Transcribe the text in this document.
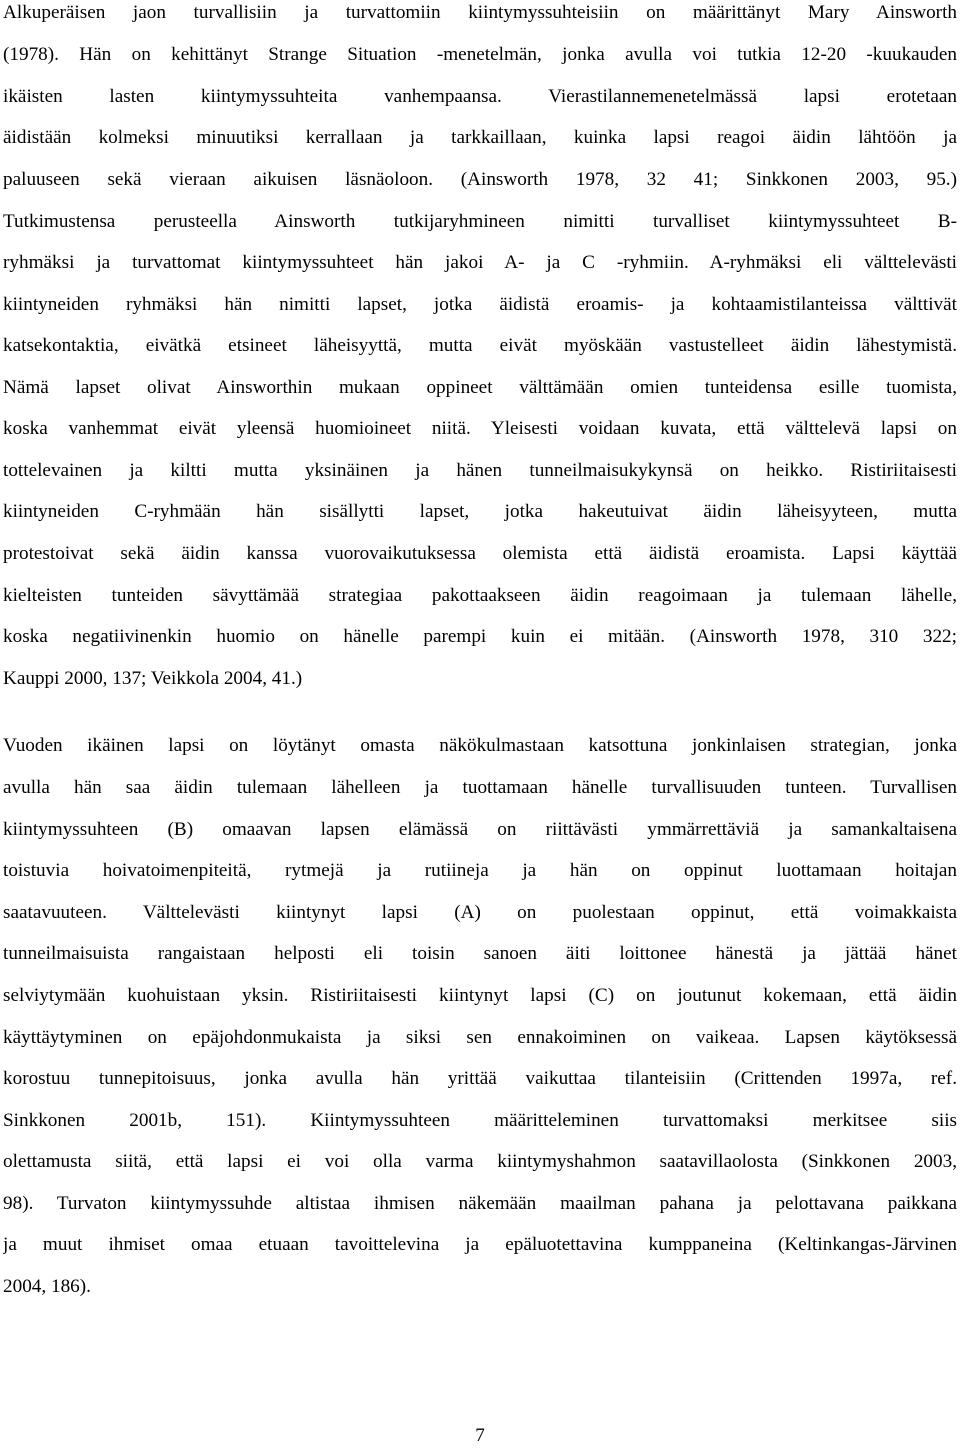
Alkuperäisen jaon turvallisiin ja turvattomiin kiintymyssuhteisiin on määrittänyt Mary Ainsworth
(1978). Hän on kehittänyt Strange Situation -menetelmän, jonka avulla voi tutkia 12-20 -kuukauden
ikäisten lasten kiintymyssuhteita vanhempaansa. Vierastilannemenetelmässä lapsi erotetaan
äidistään kolmeksi minuutiksi kerrallaan ja tarkkaillaan, kuinka lapsi reagoi äidin lähtöön ja
paluuseen sekä vieraan aikuisen läsnäoloon. (Ainsworth 1978, 32 41; Sinkkonen 2003, 95.)
Tutkimustensa perusteella Ainsworth tutkijaryhmineen nimitti turvalliset kiintymyssuhteet B-
ryhmäksi ja turvattomat kiintymyssuhteet hän jakoi A- ja C -ryhmiin. A-ryhmäksi eli välttelevästi
kiintyneiden ryhmäksi hän nimitti lapset, jotka äidistä eroamis- ja kohtaamistilanteissa välttivät
katsekontaktia, eivätkä etsineet läheisyyttä, mutta eivät myöskään vastustelleet äidin lähestymistä.
Nämä lapset olivat Ainsworthin mukaan oppineet välttämään omien tunteidensa esille tuomista,
koska vanhemmat eivät yleensä huomioineet niitä. Yleisesti voidaan kuvata, että välttelevä lapsi on
tottelevainen ja kiltti mutta yksinäinen ja hänen tunneilmaisukykynsä on heikko. Ristiriitaisesti
kiintyneiden C-ryhmään hän sisällytti lapset, jotka hakeutuivat äidin läheisyyteen, mutta
protestoivat sekä äidin kanssa vuorovaikutuksessa olemista että äidistä eroamista. Lapsi käyttää
kielteisten tunteiden sävyttämää strategiaa pakottaakseen äidin reagoimaan ja tulemaan lähelle,
koska negatiivinenkin huomio on hänelle parempi kuin ei mitään. (Ainsworth 1978, 310 322;
Kauppi 2000, 137; Veikkola 2004, 41.)
Vuoden ikäinen lapsi on löytänyt omasta näkökulmastaan katsottuna jonkinlaisen strategian, jonka
avulla hän saa äidin tulemaan lähelleen ja tuottamaan hänelle turvallisuuden tunteen. Turvallisen
kiintymyssuhteen (B) omaavan lapsen elämässä on riittävästi ymmärrettäviä ja samankaltaisena
toistuvia hoivatoimenpiteitä, rytmejä ja rutiineja ja hän on oppinut luottamaan hoitajan
saatavuuteen. Välttelevästi kiintynyt lapsi (A) on puolestaan oppinut, että voimakkaista
tunneilmaisuista rangaistaan helposti eli toisin sanoen äiti loittonee hänestä ja jättää hänet
selviytymään kuohuistaan yksin. Ristiriitaisesti kiintynyt lapsi (C) on joutunut kokemaan, että äidin
käyttäytyminen on epäjohdonmukaista ja siksi sen ennakoiminen on vaikeaa. Lapsen käytöksessä
korostuu tunnepitoisuus, jonka avulla hän yrittää vaikuttaa tilanteisiin (Crittenden 1997a, ref.
Sinkkonen 2001b, 151). Kiintymyssuhteen määritteleminen turvattomaksi merkitsee siis
olettamusta siitä, että lapsi ei voi olla varma kiintymyshahmon saatavillaolosta (Sinkkonen 2003,
98). Turvaton kiintymyssuhde altistaa ihmisen näkemään maailman pahana ja pelottavana paikkana
ja muut ihmiset omaa etuaan tavoittelevina ja epäluotettavina kumppaneina (Keltinkangas-Järvinen
2004, 186).
7
